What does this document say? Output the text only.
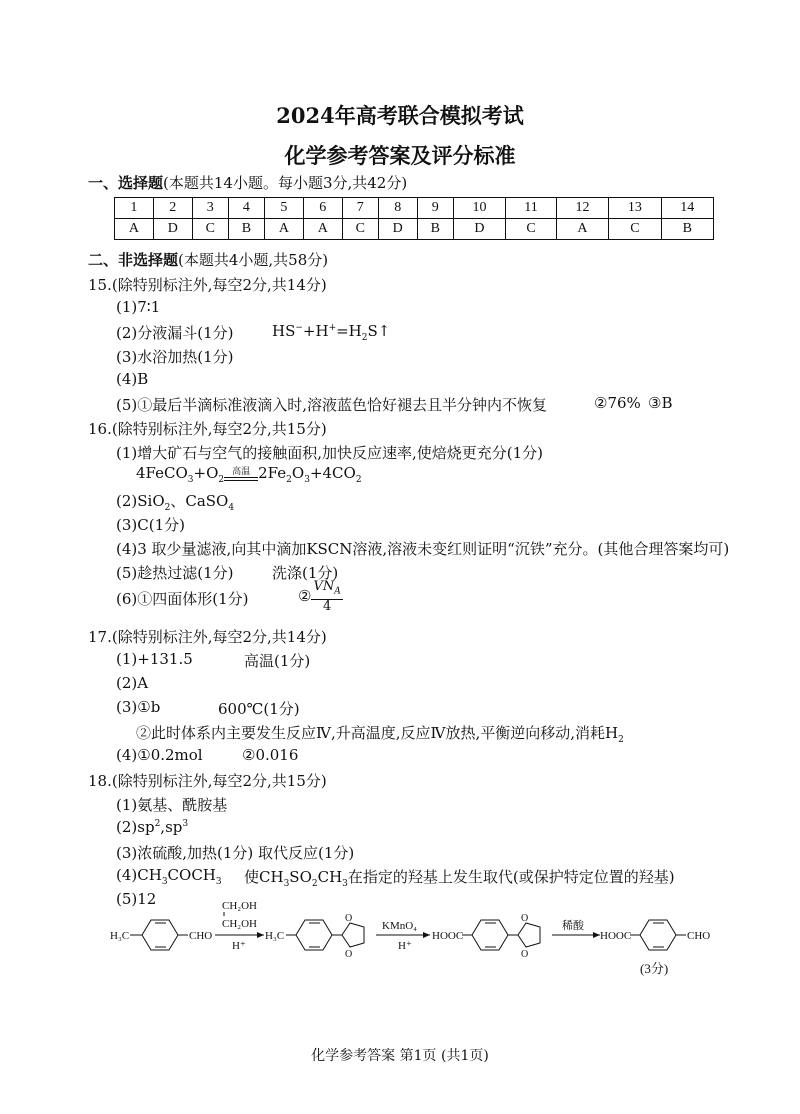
2024年高考联合模拟考试
化学参考答案及评分标准
一、选择题(本题共14小题。每小题3分,共42分)
1	2	3	4	5	6	7	8	9	10	11	12	13	14
A	D	C	B	A	A	C	D	B	D	C	A	C	B
二、非选择题(本题共4小题,共58分)
15.(除特别标注外,每空2分,共14分)
(1)7∶1
(2)分液漏斗(1分)	$HS^-+H^+=H_2S↑$
(3)水浴加热(1分)
(4)B
(5)①最后半滴标准液滴入时,溶液蓝色恰好褪去且半分钟内不恢复	②76% ③B
16.(除特别标注外,每空2分,共15分)
(1)增大矿石与空气的接触面积,加快反应速率,使焙烧更充分(1分)
$4FeCO_3+O_2$
高温 $2Fe_2O_3+4CO_2$
(2)SiO$_2$、CaSO$_4$
(3)C(1分)
(4)3 取少量滤液,向其中滴加KSCN溶液,溶液未变红则证明“沉铁”充分。(其他合理答案均可)
(5)趁热过滤(1分)	洗涤(1分)
(6)①四面体形(1分)	② $\frac{VN_A}{4}$
17.(除特别标注外,每空2分,共14分)
(1)+131.5	高温(1分)
(2)A
(3)①b	600℃(1分)
②此时体系内主要发生反应Ⅳ,升高温度,反应Ⅳ放热,平衡逆向移动,消耗$H_2$
(4)①0.2mol	②0.016
18.(除特别标注外,每空2分,共15分)
(1)氨基、酰胺基
$(2)sp^2,sp^3$
(3)浓硫酸,加热(1分) 取代反应(1分)
$(4)CH_3COCH_3$ 使$CH_3SO_2CH_3$在指定的羟基上发生取代(或保护特定位置的羟基)
(5)12
H₃C	CHO
CH₂OH
CH₂OH
H⁺
H₃C
O
O
KMnO₄
H⁺
HOOC
O
O
稀酸
HOOC	CHO
(3分)
化学参考答案 第1页 (共1页)
